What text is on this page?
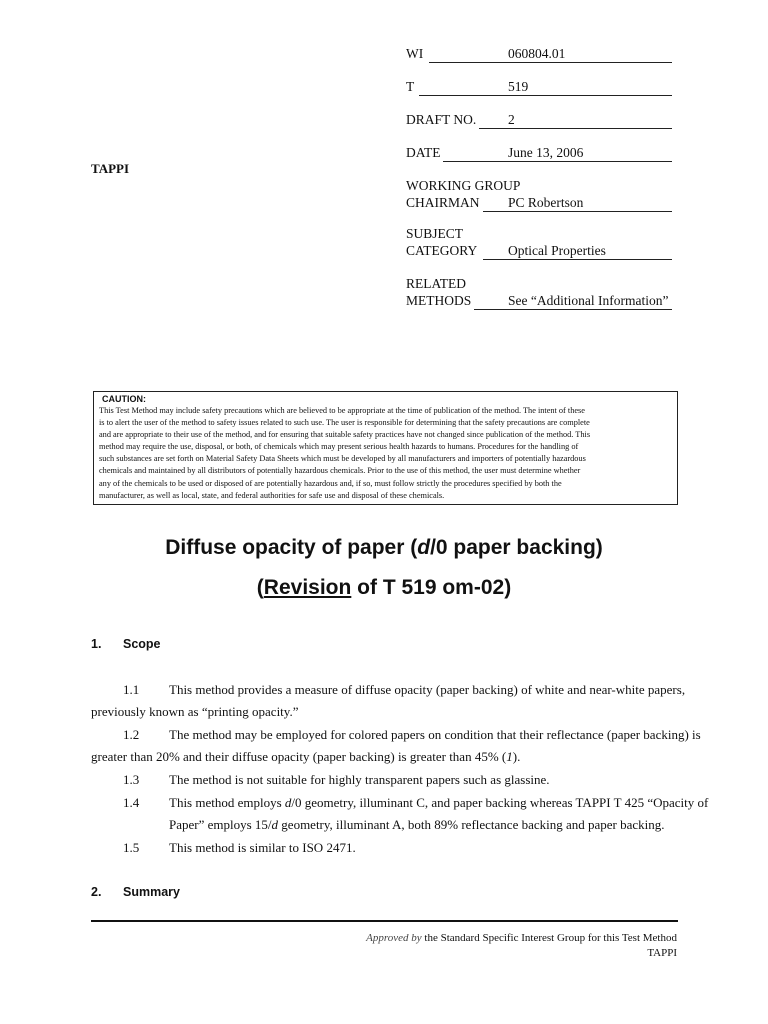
TAPPI
WI	060804.01
T	519
DRAFT NO. 2
DATE	June 13, 2006
WORKING GROUP
CHAIRMAN PC Robertson
SUBJECT
CATEGORY Optical Properties
RELATED
METHODS	See “Additional Information”
CAUTION:
This Test Method may include safety precautions which are believed to be appropriate at the time of publication of the method. The intent of these
is to alert the user of the method to safety issues related to such use. The user is responsible for determining that the safety precautions are complete
and are appropriate to their use of the method, and for ensuring that suitable safety practices have not changed since publication of the method. This
method may require the use, disposal, or both, of chemicals which may present serious health hazards to humans. Procedures for the handling of
such substances are set forth on Material Safety Data Sheets which must be developed by all manufacturers and importers of potentially hazardous
chemicals and maintained by all distributors of potentially hazardous chemicals. Prior to the use of this method, the user must determine whether
any of the chemicals to be used or disposed of are potentially hazardous and, if so, must follow strictly the procedures specified by both the
manufacturer, as well as local, state, and federal authorities for safe use and disposal of these chemicals.
Diffuse opacity of paper (d/0 paper backing)
(Revision of T 519 om-02)
1. Scope
1.1 This method provides a measure of diffuse opacity (paper backing) of white and near-white papers,
previously known as “printing opacity.”
1.2 The method may be employed for colored papers on condition that their reflectance (paper backing) is
greater than 20% and their diffuse opacity (paper backing) is greater than 45% (1).
1.3 The method is not suitable for highly transparent papers such as glassine.
1.4 This method employs d/0 geometry, illuminant C, and paper backing whereas TAPPI T 425 “Opacity of
Paper” employs 15/d geometry, illuminant A, both 89% reflectance backing and paper backing.
1.5 This method is similar to ISO 2471.
2. Summary
Approved by the Standard Specific Interest Group for this Test Method
TAPPI
